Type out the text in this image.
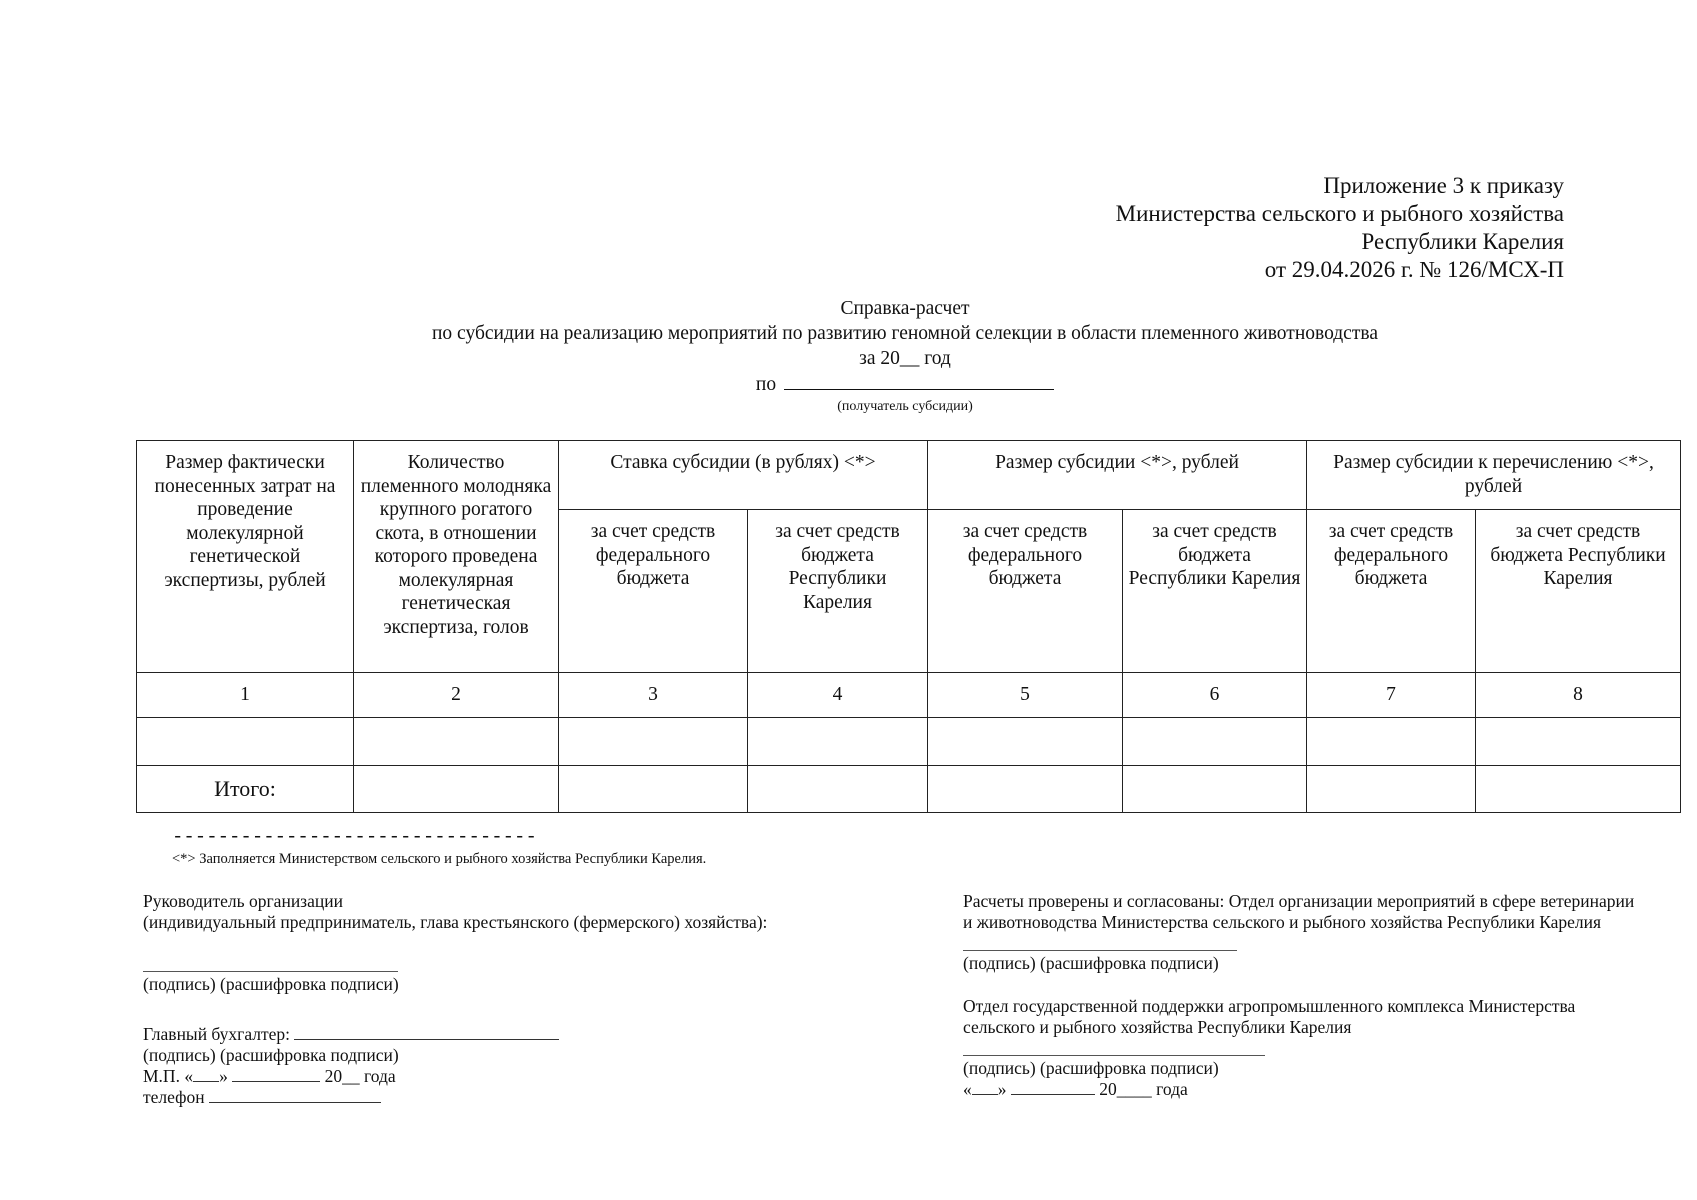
Приложение 3 к приказу
Министерства сельского и рыбного хозяйства
Республики Карелия
от 29.04.2026 г. № 126/МСХ-П
Справка-расчет
по субсидии на реализацию мероприятий по развитию геномной селекции в области племенного животноводства
за 20__ год
по
(получатель субсидии)
Размер фактически понесенных затрат на проведение молекулярной генетической экспертизы, рублей	Количество племенного молодняка крупного рогатого скота, в отношении которого проведена молекулярная генетическая экспертиза, голов	Ставка субсидии (в рублях) <*>		Размер субсидии <*>, рублей		Размер субсидии к перечислению <*>, рублей	
		за счет средств федерального бюджета	за счет средств бюджета Республики Карелия	за счет средств федерального бюджета	за счет средств бюджета Республики Карелия	за счет средств федерального бюджета	за счет средств бюджета Республики Карелия
1	2	3	4	5	6	7	8

Итого:							
--------------------------------
<*> Заполняется Министерством сельского и рыбного хозяйства Республики Карелия.
Руководитель организации
(индивидуальный предприниматель, глава крестьянского (фермерского) хозяйства):
(подпись) (расшифровка подписи)
Главный бухгалтер:
(подпись) (расшифровка подписи)
М.П. « »	20__ года
телефон
Расчеты проверены и согласованы: Отдел организации мероприятий в сфере ветеринарии
и животноводства Министерства сельского и рыбного хозяйства Республики Карелия
(подпись) (расшифровка подписи)
Отдел государственной поддержки агропромышленного комплекса Министерства
сельского и рыбного хозяйства Республики Карелия
(подпись) (расшифровка подписи)
« »	20____ года
